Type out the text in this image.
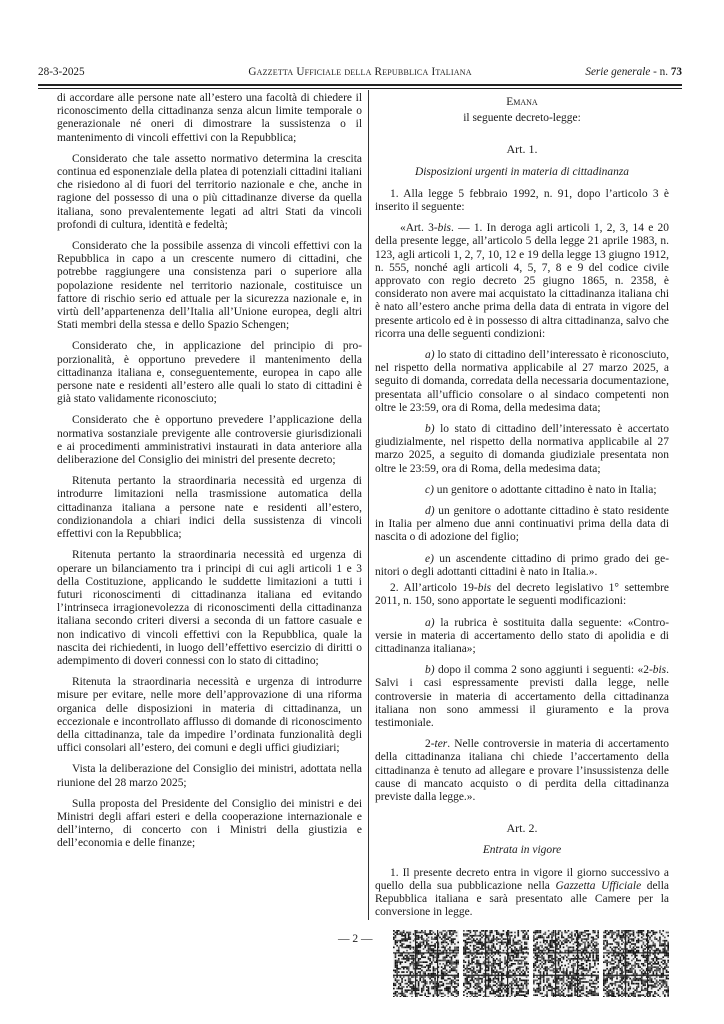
28-3-2025	Gazzetta Ufficiale della Repubblica Italiana	Serie generale - n. 73

di accordare alle persone nate all’estero una facoltà di chiedere il riconoscimento della cittadinanza senza alcun limite temporale o generazionale né oneri di dimostrare la sussistenza o il mantenimento di vincoli effettivi con la Repubblica;

Considerato che tale assetto normativo determina la crescita continua ed esponenziale della platea di potenziali cittadini italiani che risiedono al di fuori del territorio nazionale e che, anche in ragione del possesso di una o più cittadinanze diverse da quella italiana, sono prevalentemente legati ad altri Stati da vincoli profondi di cultura, identità e fedeltà;

Considerato che la possibile assenza di vincoli effettivi con la Repubblica in capo a un crescente numero di cittadini, che potrebbe raggiungere una consistenza pari o superiore alla popolazione residente nel territorio nazionale, costituisce un fattore di rischio serio ed attuale per la sicurezza nazionale e, in virtù dell’appartenenza dell’Italia all’Unione europea, degli altri Stati membri della stessa e dello Spazio Schengen;

Considerato che, in applicazione del principio di proporzionalità, è opportuno prevedere il mantenimento della cittadinanza italiana e, conseguentemente, europea in capo alle persone nate e residenti all’estero alle quali lo stato di cittadini è già stato validamente riconosciuto;

Considerato che è opportuno prevedere l’applicazione della normativa sostanziale previgente alle controversie giurisdizionali e ai procedimenti amministrativi instaurati in data anteriore alla deliberazione del Consiglio dei ministri del presente decreto;

Ritenuta pertanto la straordinaria necessità ed urgenza di introdurre limitazioni nella trasmissione automatica della cittadinanza italiana a persone nate e residenti all’estero, condizionandola a chiari indici della sussistenza di vincoli effettivi con la Repubblica;

Ritenuta pertanto la straordinaria necessità ed urgenza di operare un bilanciamento tra i principi di cui agli articoli 1 e 3 della Costituzione, applicando le suddette limitazioni a tutti i futuri riconoscimenti di cittadinanza italiana ed evitando l’intrinseca irragionevolezza di riconoscimenti della cittadinanza italiana secondo criteri diversi a seconda di un fattore casuale e non indicativo di vincoli effettivi con la Repubblica, quale la nascita dei richiedenti, in luogo dell’effettivo esercizio di diritti o adempimento di doveri connessi con lo stato di cittadino;

Ritenuta la straordinaria necessità e urgenza di introdurre misure per evitare, nelle more dell’approvazione di una riforma organica delle disposizioni in materia di cittadinanza, un eccezionale e incontrollato afflusso di domande di riconoscimento della cittadinanza, tale da impedire l’ordinata funzionalità degli uffici consolari all’estero, dei comuni e degli uffici giudiziari;

Vista la deliberazione del Consiglio dei ministri, adottata nella riunione del 28 marzo 2025;

Sulla proposta del Presidente del Consiglio dei ministri e dei Ministri degli affari esteri e della cooperazione internazionale e dell’interno, di concerto con i Ministri della giustizia e dell’economia e delle finanze;

Emana

il seguente decreto-legge:

Art. 1.

Disposizioni urgenti in materia di cittadinanza

1. Alla legge 5 febbraio 1992, n. 91, dopo l’articolo 3 è inserito il seguente:

«Art. 3-bis. — 1. In deroga agli articoli 1, 2, 3, 14 e 20 della presente legge, all’articolo 5 della legge 21 aprile 1983, n. 123, agli articoli 1, 2, 7, 10, 12 e 19 della legge 13 giugno 1912, n. 555, nonché agli articoli 4, 5, 7, 8 e 9 del codice civile approvato con regio decreto 25 giugno 1865, n. 2358, è considerato non avere mai acquistato la cittadinanza italiana chi è nato all’estero anche prima della data di entrata in vigore del presente articolo ed è in possesso di altra cittadinanza, salvo che ricorra una delle seguenti condizioni:

a) lo stato di cittadino dell’interessato è riconosciuto, nel rispetto della normativa applicabile al 27 marzo 2025, a seguito di domanda, corredata della necessaria documentazione, presentata all’ufficio consolare o al sindaco competenti non oltre le 23:59, ora di Roma, della medesima data;

b) lo stato di cittadino dell’interessato è accertato giudizialmente, nel rispetto della normativa applicabile al 27 marzo 2025, a seguito di domanda giudiziale presentata non oltre le 23:59, ora di Roma, della medesima data;

c) un genitore o adottante cittadino è nato in Italia;

d) un genitore o adottante cittadino è stato residente in Italia per almeno due anni continuativi prima della data di nascita o di adozione del figlio;

e) un ascendente cittadino di primo grado dei genitori o degli adottanti cittadini è nato in Italia.».

2. All’articolo 19-bis del decreto legislativo 1° settembre 2011, n. 150, sono apportate le seguenti modificazioni:

a) la rubrica è sostituita dalla seguente: «Controversie in materia di accertamento dello stato di apolidia e di cittadinanza italiana»;

b) dopo il comma 2 sono aggiunti i seguenti: «2-bis. Salvi i casi espressamente previsti dalla legge, nelle controversie in materia di accertamento della cittadinanza italiana non sono ammessi il giuramento e la prova testimoniale.

2-ter. Nelle controversie in materia di accertamento della cittadinanza italiana chi chiede l’accertamento della cittadinanza è tenuto ad allegare e provare l’insussistenza delle cause di mancato acquisto o di perdita della cittadinanza previste dalla legge.».

Art. 2.

Entrata in vigore

1. Il presente decreto entra in vigore il giorno successivo a quello della sua pubblicazione nella Gazzetta Ufficiale della Repubblica italiana e sarà presentato alle Camere per la conversione in legge.

— 2 —
